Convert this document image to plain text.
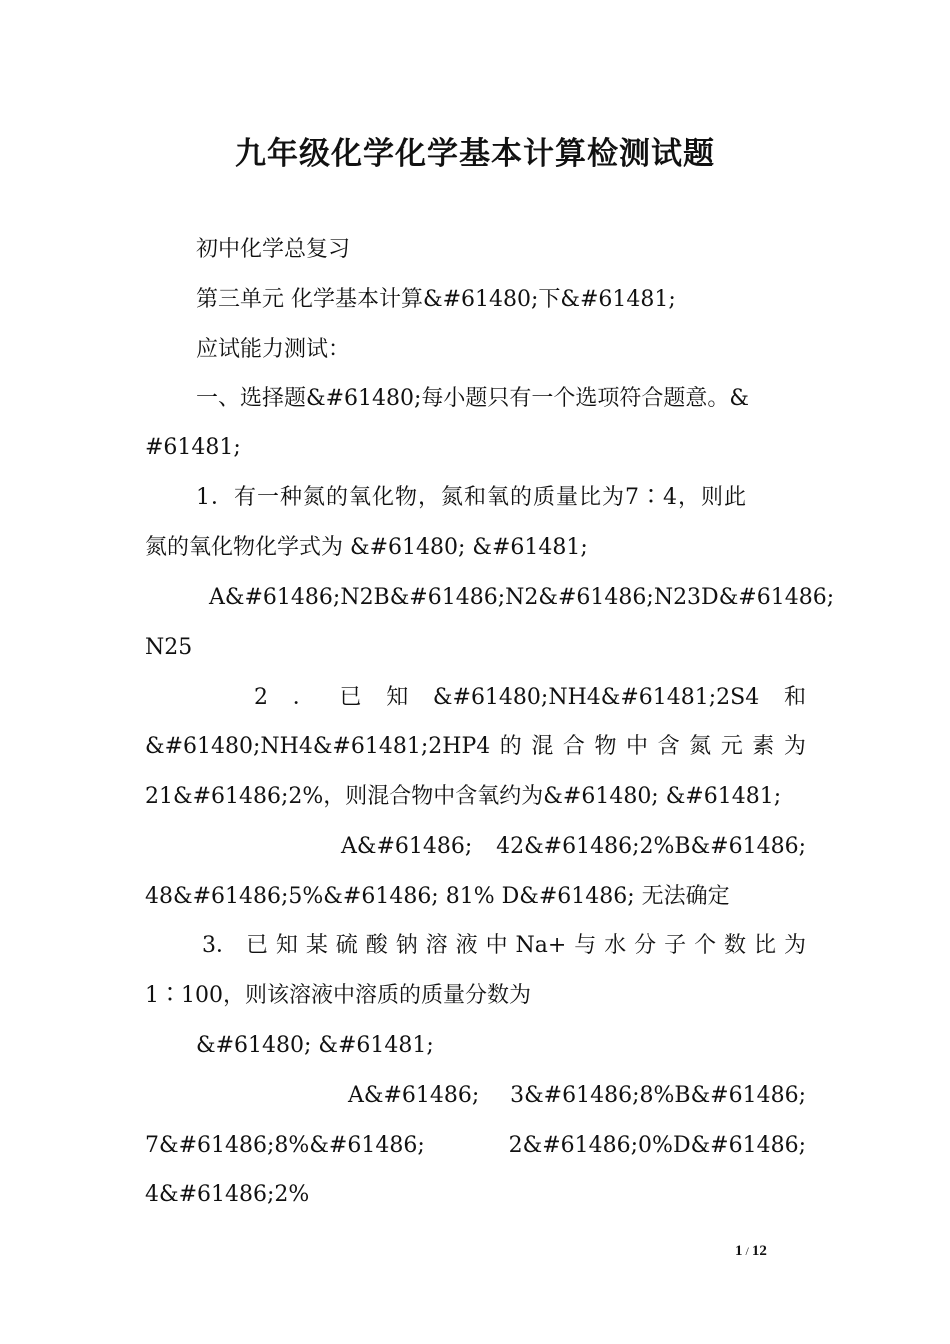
九年级化学化学基本计算检测试题
初中化学总复习
第三单元 化学基本计算&#61480;下&#61481;
应试能力测试：
一、选择题&#61480;每小题只有一个选项符合题意。&
#61481;
1．有一种氮的氧化物，氮和氧的质量比为7∶4，则此
氮的氧化物化学式为 &#61480; &#61481;
A&#61486; N2B&#61486; N2&#61486; N23D&#61486;
N25
2 ． 已 知 &#61480;NH4&#61481;2S4 和
&#61480;NH4&#61481;2HP4 的 混 合 物 中 含 氮 元 素 为
21&#61486;2%，则混合物中含氧约为&#61480; &#61481;
A&#61486; 42&#61486;2%B&#61486;
48&#61486;5%&#61486; 81% D&#61486; 无法确定
3． 已 知 某 硫 酸 钠 溶 液 中 Na+ 与 水 分 子 个 数 比 为
1∶100，则该溶液中溶质的质量分数为
&#61480; &#61481;
A&#61486; 3&#61486;8%B&#61486;
7&#61486;8%&#61486;	2&#61486;0%D&#61486;
4&#61486;2%
1 / 12
